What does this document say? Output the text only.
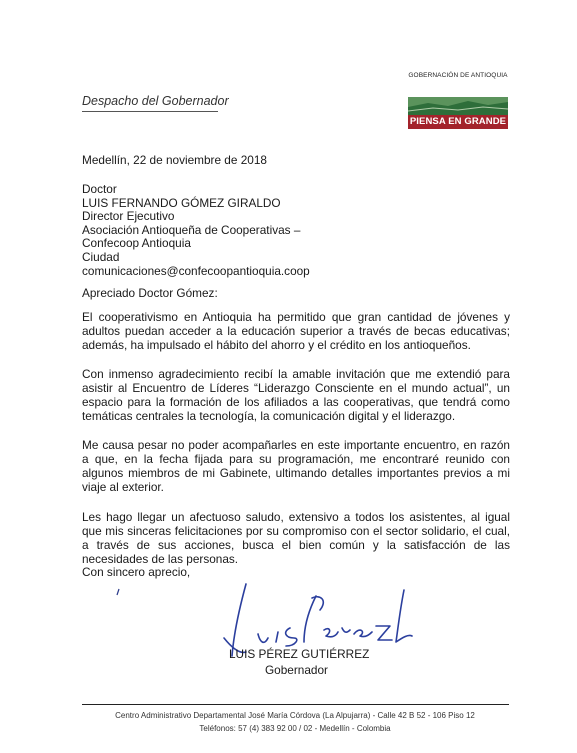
Despacho del Gobernador
GOBERNACIÓN DE ANTIOQUIA
PIENSA EN GRANDE
Medellín, 22 de noviembre de 2018
Doctor
LUIS FERNANDO GÓMEZ GIRALDO
Director Ejecutivo
Asociación Antioqueña de Cooperativas –
Confecoop Antioquia
Ciudad
comunicaciones@confecoopantioquia.coop
Apreciado Doctor Gómez:
El cooperativismo en Antioquia ha permitido que gran cantidad de jóvenes y adultos puedan acceder a la educación superior a través de becas educativas; además, ha impulsado el hábito del ahorro y el crédito en los antioqueños.
Con inmenso agradecimiento recibí la amable invitación que me extendió para asistir al Encuentro de Líderes “Liderazgo Consciente en el mundo actual”, un espacio para la formación de los afiliados a las cooperativas, que tendrá como temáticas centrales la tecnología, la comunicación digital y el liderazgo.
Me causa pesar no poder acompañarles en este importante encuentro, en razón a que, en la fecha fijada para su programación, me encontraré reunido con algunos miembros de mi Gabinete, ultimando detalles importantes previos a mi viaje al exterior.
Les hago llegar un afectuoso saludo, extensivo a todos los asistentes, al igual que mis sinceras felicitaciones por su compromiso con el sector solidario, el cual, a través de sus acciones, busca el bien común y la satisfacción de las necesidades de las personas.
Con sincero aprecio,
LUIS PÉREZ GUTIÉRREZ
Gobernador
Centro Administrativo Departamental José María Córdova (La Alpujarra) - Calle 42 B 52 - 106 Piso 12
Teléfonos: 57 (4) 383 92 00 / 02 - Medellín - Colombia
